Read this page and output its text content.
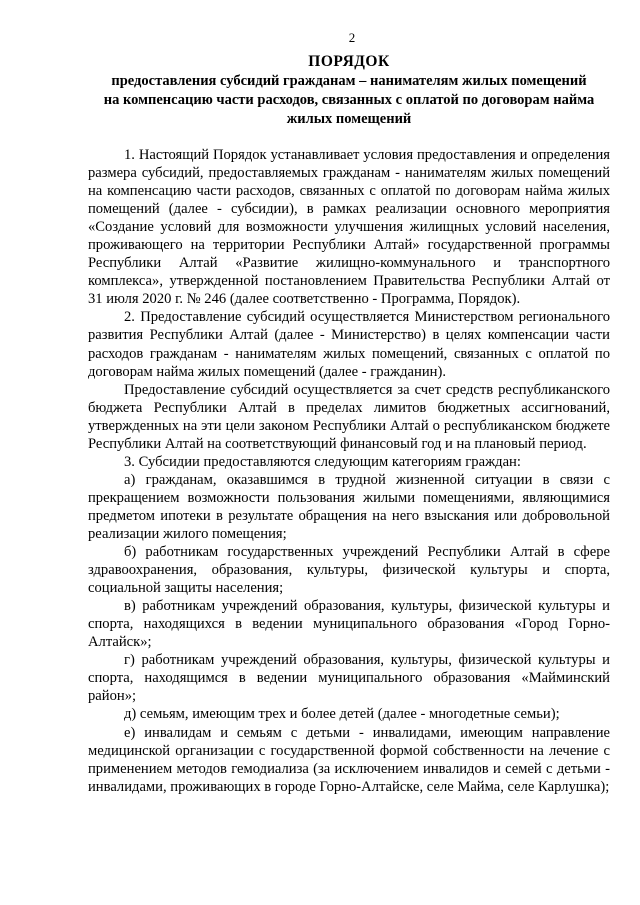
2
ПОРЯДОК
предоставления субсидий гражданам – нанимателям жилых помещений на компенсацию части расходов, связанных с оплатой по договорам найма жилых помещений

1. Настоящий Порядок устанавливает условия предоставления и определения размера субсидий, предоставляемых гражданам - нанимателям жилых помещений на компенсацию части расходов, связанных с оплатой по договорам найма жилых помещений (далее - субсидии), в рамках реализации основного мероприятия «Создание условий для возможности улучшения жилищных условий населения, проживающего на территории Республики Алтай» государственной программы Республики Алтай «Развитие жилищно-коммунального и транспортного комплекса», утвержденной постановлением Правительства Республики Алтай от 31 июля 2020 г. № 246 (далее соответственно - Программа, Порядок).

2. Предоставление субсидий осуществляется Министерством регионального развития Республики Алтай (далее - Министерство) в целях компенсации части расходов гражданам - нанимателям жилых помещений, связанных с оплатой по договорам найма жилых помещений (далее - гражданин).

Предоставление субсидий осуществляется за счет средств республиканского бюджета Республики Алтай в пределах лимитов бюджетных ассигнований, утвержденных на эти цели законом Республики Алтай о республиканском бюджете Республики Алтай на соответствующий финансовый год и на плановый период.

3. Субсидии предоставляются следующим категориям граждан:

а) гражданам, оказавшимся в трудной жизненной ситуации в связи с прекращением возможности пользования жилыми помещениями, являющимися предметом ипотеки в результате обращения на него взыскания или добровольной реализации жилого помещения;

б) работникам государственных учреждений Республики Алтай в сфере здравоохранения, образования, культуры, физической культуры и спорта, социальной защиты населения;

в) работникам учреждений образования, культуры, физической культуры и спорта, находящихся в ведении муниципального образования «Город Горно-Алтайск»;

г) работникам учреждений образования, культуры, физической культуры и спорта, находящимся в ведении муниципального образования «Майминский район»;

д) семьям, имеющим трех и более детей (далее - многодетные семьи);

е) инвалидам и семьям с детьми - инвалидами, имеющим направление медицинской организации с государственной формой собственности на лечение с применением методов гемодиализа (за исключением инвалидов и семей с детьми - инвалидами, проживающих в городе Горно-Алтайске, селе Майма, селе Карлушка);
